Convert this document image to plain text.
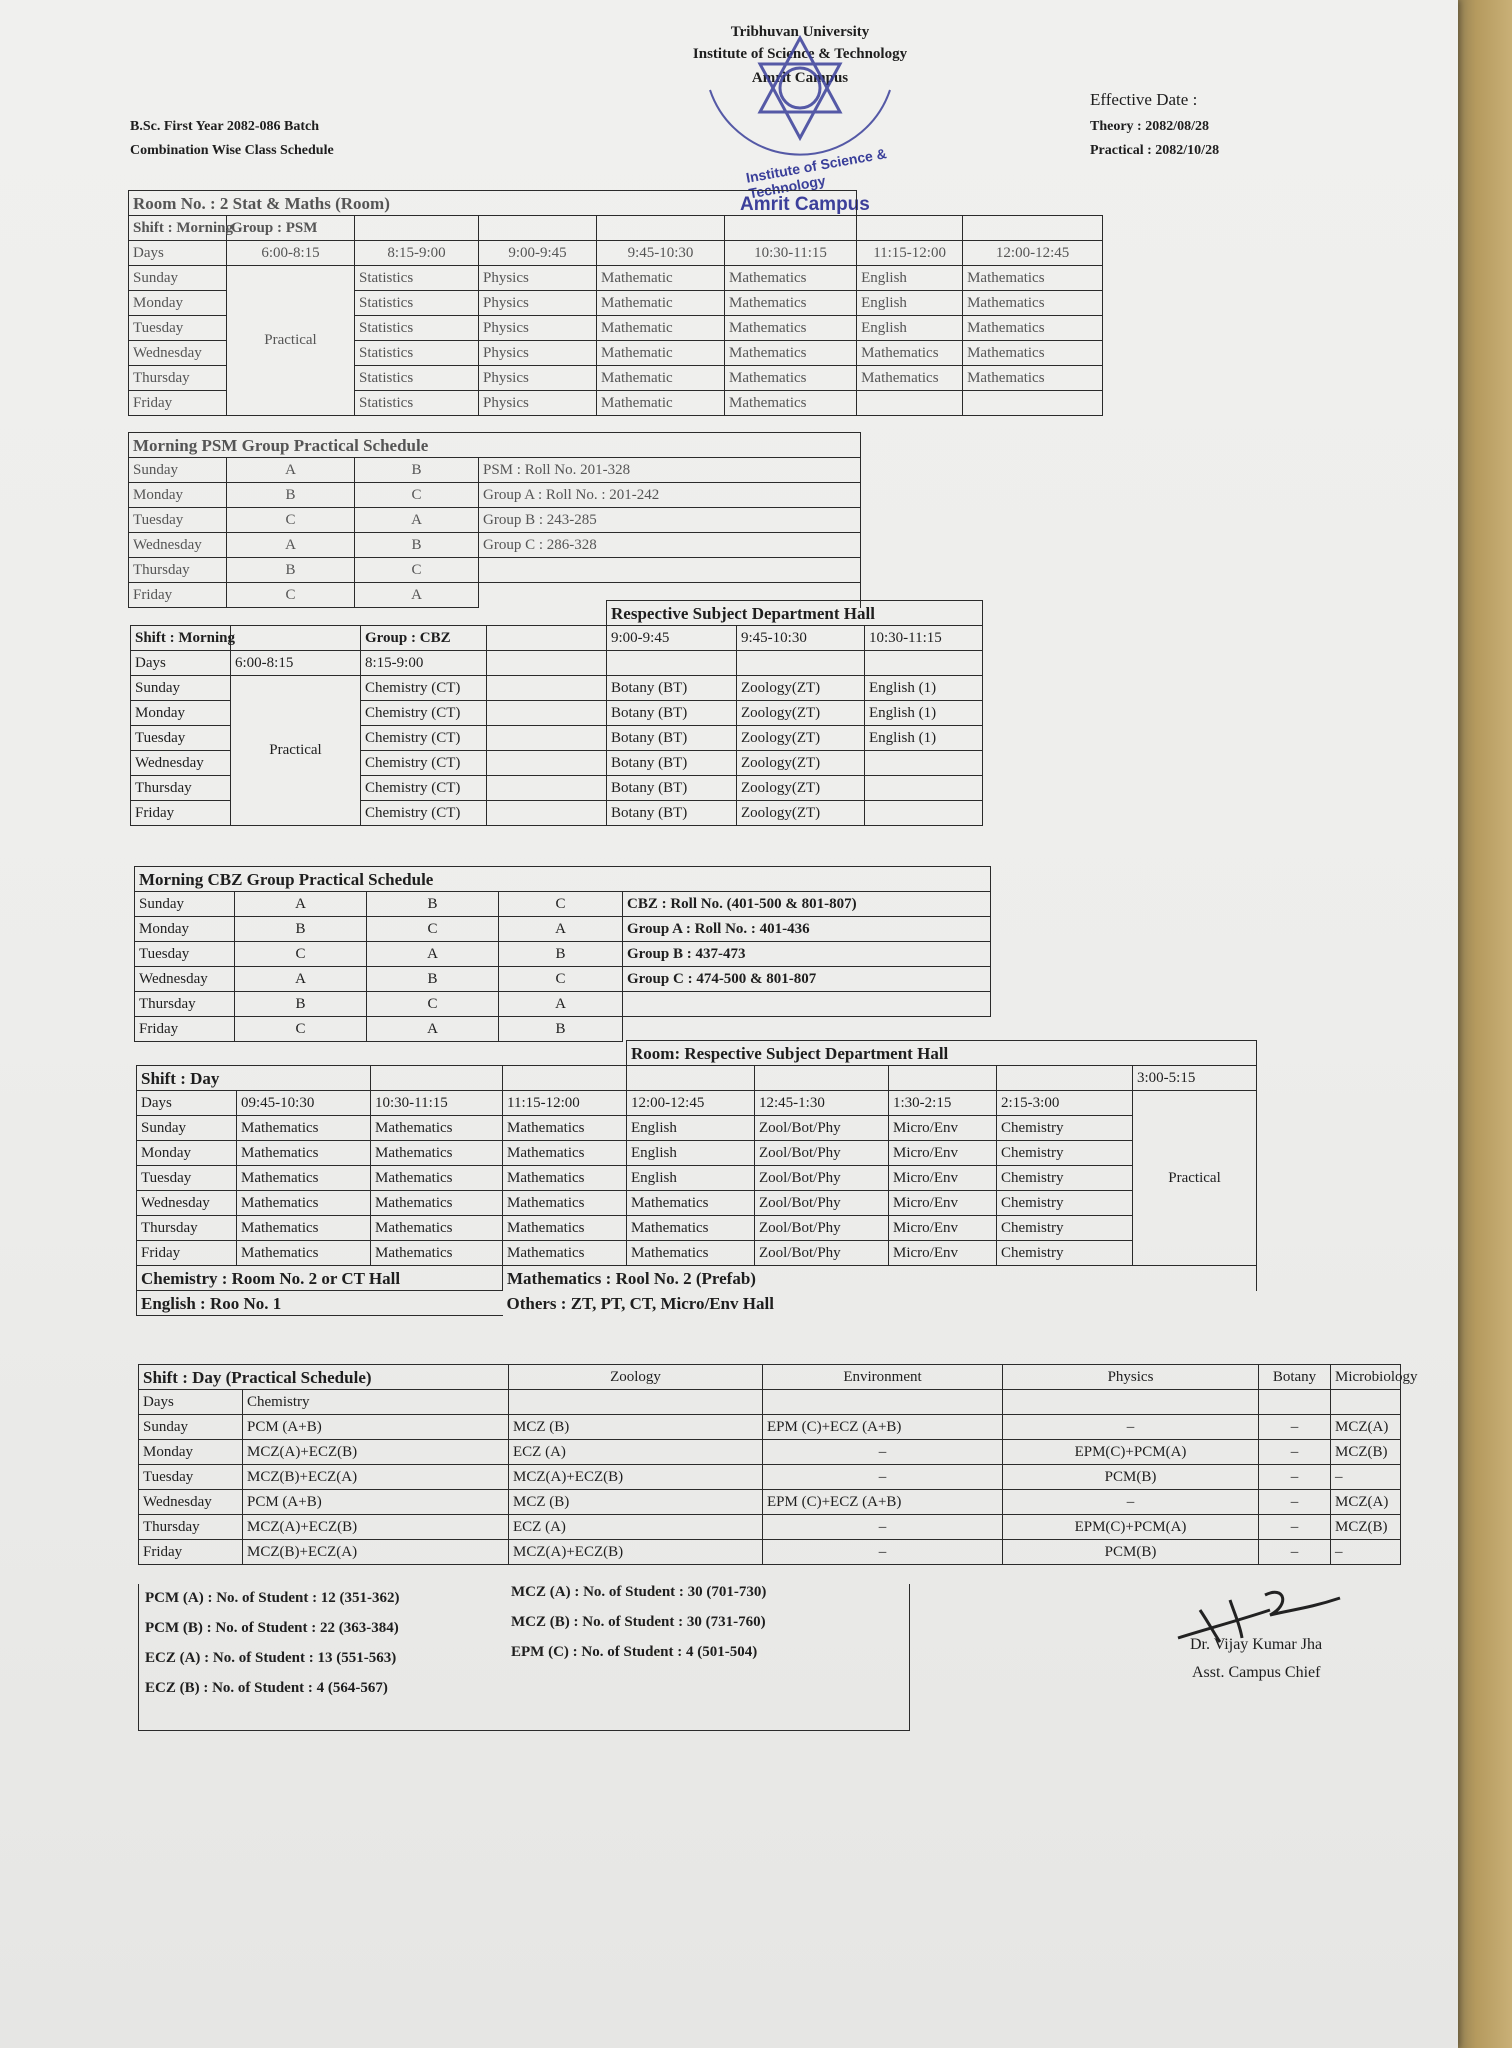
B.Sc. First Year 2082-086 Batch
Combination Wise Class Schedule
Tribhuvan University
Institute of Science & Technology
Amrit Campus
Institute of Science & Technology
Amrit Campus
Effective Date :
Theory : 2082/08/28
Practical : 2082/10/28
Room No. : 2 Stat & Maths (Room)							
Shift : Morning	Group : PSM						
Days	6:00-8:15	8:15-9:00	9:00-9:45	9:45-10:30	10:30-11:15	11:15-12:00	12:00-12:45
Sunday	Practical	Statistics	Physics	Mathematic	Mathematics	English	Mathematics
Monday		Statistics	Physics	Mathematic	Mathematics	English	Mathematics
Tuesday		Statistics	Physics	Mathematic	Mathematics	English	Mathematics
Wednesday		Statistics	Physics	Mathematic	Mathematics	Mathematics	Mathematics
Thursday		Statistics	Physics	Mathematic	Mathematics	Mathematics	Mathematics
Friday		Statistics	Physics	Mathematic	Mathematics		
Morning PSM Group Practical Schedule			
Sunday	A	B	PSM : Roll No. 201-328
Monday	B	C	Group A : Roll No. : 201-242
Tuesday	C	A	Group B : 243-285
Wednesday	A	B	Group C : 286-328
Thursday	B	C	
Friday	C	A	
				Respective Subject Department Hall		
Shift : Morning		Group : CBZ		9:00-9:45	9:45-10:30	10:30-11:15
Days	6:00-8:15	8:15-9:00				
Sunday	Practical	Chemistry (CT)		Botany (BT)	Zoology(ZT)	English (1)
Monday		Chemistry (CT)		Botany (BT)	Zoology(ZT)	English (1)
Tuesday		Chemistry (CT)		Botany (BT)	Zoology(ZT)	English (1)
Wednesday		Chemistry (CT)		Botany (BT)	Zoology(ZT)	
Thursday		Chemistry (CT)		Botany (BT)	Zoology(ZT)	
Friday		Chemistry (CT)		Botany (BT)	Zoology(ZT)	
Morning CBZ Group Practical Schedule				
Sunday	A	B	C	CBZ : Roll No. (401-500 & 801-807)
Monday	B	C	A	Group A : Roll No. : 401-436
Tuesday	C	A	B	Group B : 437-473
Wednesday	A	B	C	Group C : 474-500 & 801-807
Thursday	B	C	A	
Friday	C	A	B	
				Room: Respective Subject Department Hall				
Shift : Day								3:00-5:15
Days	09:45-10:30	10:30-11:15	11:15-12:00	12:00-12:45	12:45-1:30	1:30-2:15	2:15-3:00	Practical
Sunday	Mathematics	Mathematics	Mathematics	English	Zool/Bot/Phy	Micro/Env	Chemistry	
Monday	Mathematics	Mathematics	Mathematics	English	Zool/Bot/Phy	Micro/Env	Chemistry	
Tuesday	Mathematics	Mathematics	Mathematics	English	Zool/Bot/Phy	Micro/Env	Chemistry	
Wednesday	Mathematics	Mathematics	Mathematics	Mathematics	Zool/Bot/Phy	Micro/Env	Chemistry	
Thursday	Mathematics	Mathematics	Mathematics	Mathematics	Zool/Bot/Phy	Micro/Env	Chemistry	
Friday	Mathematics	Mathematics	Mathematics	Mathematics	Zool/Bot/Phy	Micro/Env	Chemistry	
Chemistry : Room No. 2 or CT Hall			Mathematics : Rool No. 2 (Prefab)					
English : Roo No. 1			Others : ZT, PT, CT, Micro/Env Hall					
Shift : Day (Practical Schedule)		Zoology	Environment	Physics	Botany	Microbiology
Days	Chemistry					
Sunday	PCM (A+B)	MCZ (B)	EPM (C)+ECZ (A+B)	–	–	MCZ(A)
Monday	MCZ(A)+ECZ(B)	ECZ (A)	–	EPM(C)+PCM(A)	–	MCZ(B)
Tuesday	MCZ(B)+ECZ(A)	MCZ(A)+ECZ(B)	–	PCM(B)	–	–
Wednesday	PCM (A+B)	MCZ (B)	EPM (C)+ECZ (A+B)	–	–	MCZ(A)
Thursday	MCZ(A)+ECZ(B)	ECZ (A)	–	EPM(C)+PCM(A)	–	MCZ(B)
Friday	MCZ(B)+ECZ(A)	MCZ(A)+ECZ(B)	–	PCM(B)	–	–
PCM (A) : No. of Student : 12 (351-362)
PCM (B) : No. of Student : 22 (363-384)
ECZ (A) : No. of Student : 13 (551-563)
ECZ (B) : No. of Student : 4 (564-567)
MCZ (A) : No. of Student : 30 (701-730)
MCZ (B) : No. of Student : 30 (731-760)
EPM (C) : No. of Student : 4 (501-504)	Dr. Vijay Kumar Jha
Asst. Campus Chief
